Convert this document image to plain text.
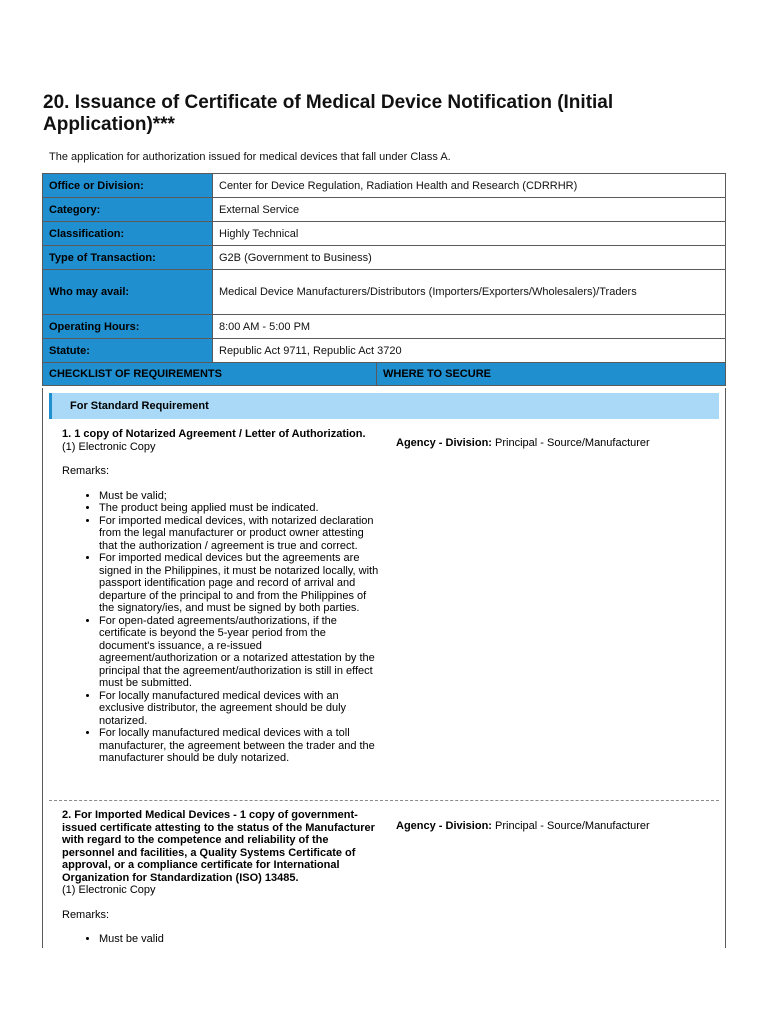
20. Issuance of Certificate of Medical Device Notification (Initial Application)***
The application for authorization issued for medical devices that fall under Class A.
Office or Division:	Center for Device Regulation, Radiation Health and Research (CDRRHR)	
Category:	External Service	
Classification:	Highly Technical	
Type of Transaction:	G2B (Government to Business)	
Who may avail:	Medical Device Manufacturers/Distributors (Importers/Exporters/Wholesalers)/Traders	
Operating Hours:	8:00 AM - 5:00 PM	
Statute:	Republic Act 9711, Republic Act 3720	
CHECKLIST OF REQUIREMENTS		WHERE TO SECURE
For Standard Requirement
1. 1 copy of Notarized Agreement / Letter of Authorization.
(1) Electronic Copy
Remarks:
• Must be valid;
• The product being applied must be indicated.
• For imported medical devices, with notarized declaration from the legal manufacturer or product owner attesting that the authorization / agreement is true and correct.
• For imported medical devices but the agreements are signed in the Philippines, it must be notarized locally, with passport identification page and record of arrival and departure of the principal to and from the Philippines of the signatory/ies, and must be signed by both parties.
• For open-dated agreements/authorizations, if the certificate is beyond the 5-year period from the document's issuance, a re-issued agreement/authorization or a notarized attestation by the principal that the agreement/authorization is still in effect must be submitted.
• For locally manufactured medical devices with an exclusive distributor, the agreement should be duly notarized.
• For locally manufactured medical devices with a toll manufacturer, the agreement between the trader and the manufacturer should be duly notarized.
Agency - Division: Principal - Source/Manufacturer
2. For Imported Medical Devices - 1 copy of government-issued certificate attesting to the status of the Manufacturer with regard to the competence and reliability of the personnel and facilities, a Quality Systems Certificate of approval, or a compliance certificate for International Organization for Standardization (ISO) 13485.
(1) Electronic Copy
Remarks:
• Must be valid
Agency - Division: Principal - Source/Manufacturer
